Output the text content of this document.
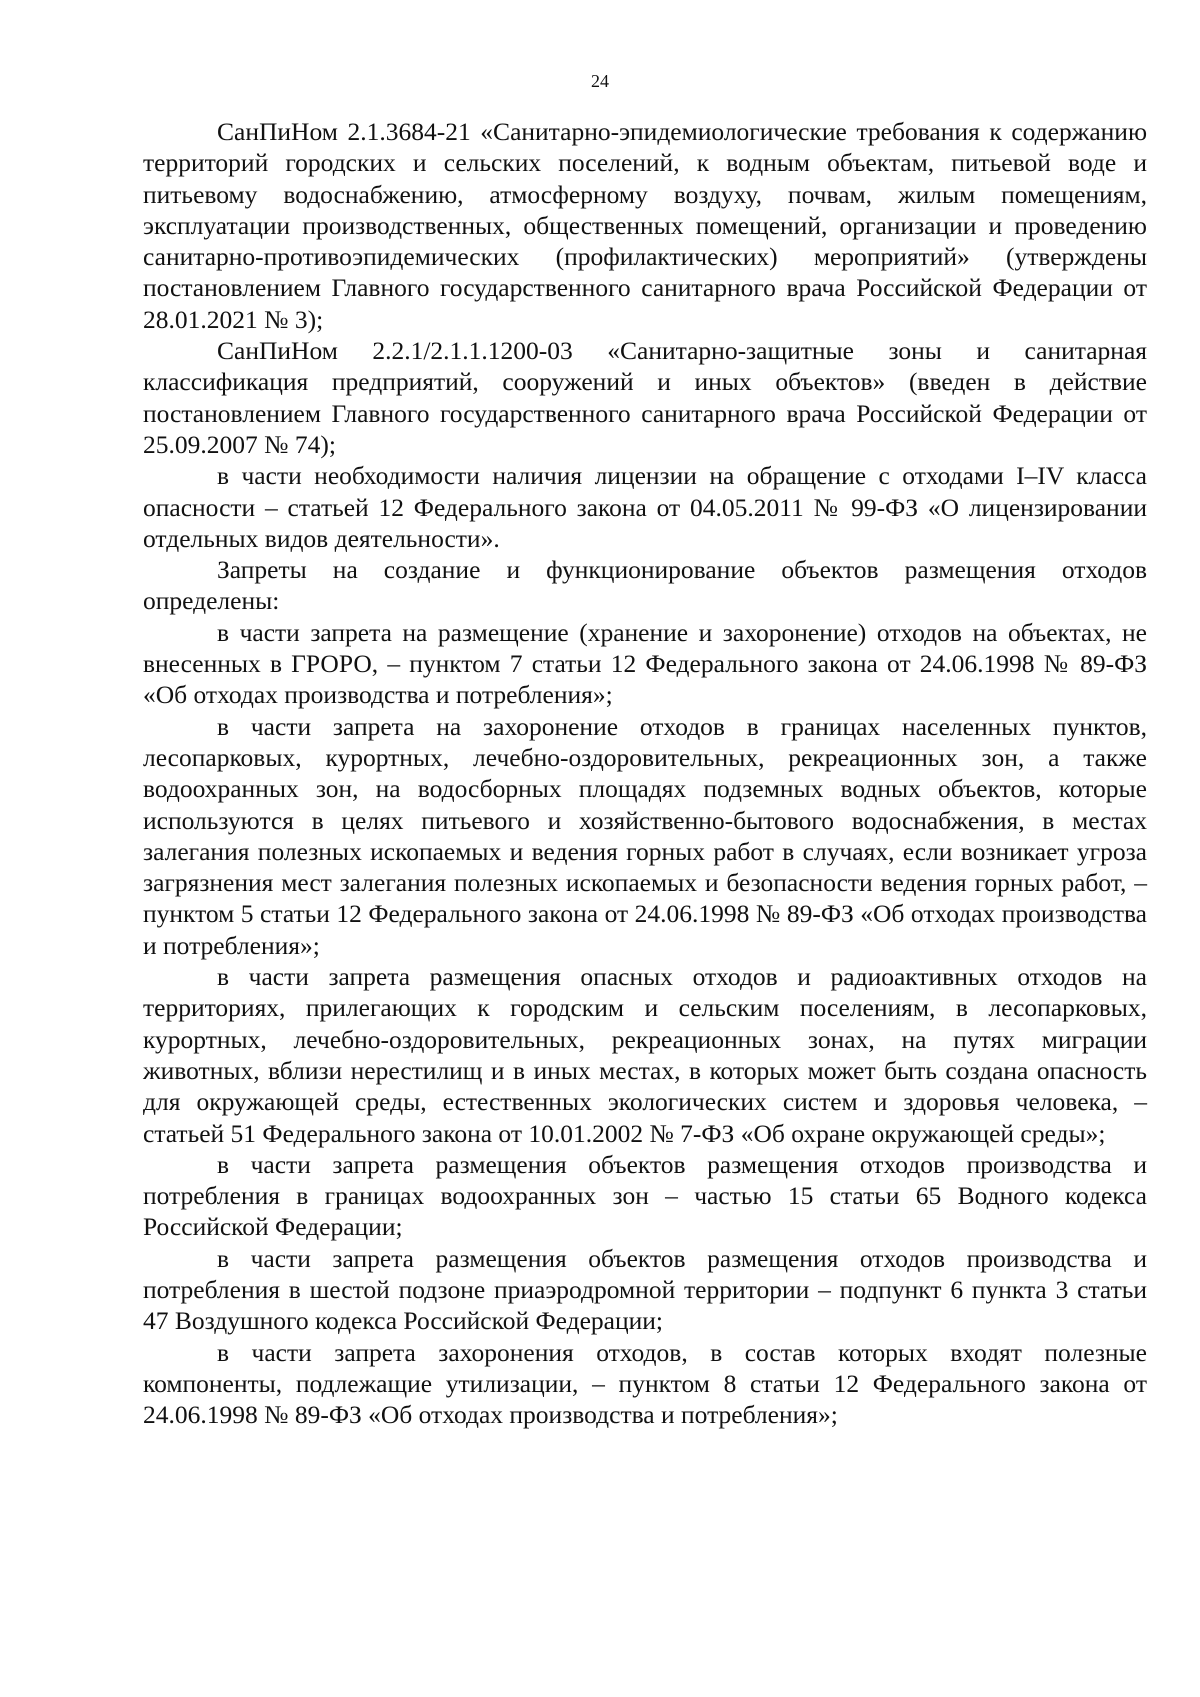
24

СанПиНом 2.1.3684-21 «Санитарно-эпидемиологические требования к содержанию территорий городских и сельских поселений, к водным объектам, питьевой воде и питьевому водоснабжению, атмосферному воздуху, почвам, жилым помещениям, эксплуатации производственных, общественных помещений, организации и проведению санитарно-противоэпидемических (профилактических) мероприятий» (утверждены постановлением Главного государственного санитарного врача Российской Федерации от 28.01.2021 № 3);

СанПиНом 2.2.1/2.1.1.1200-03 «Санитарно-защитные зоны и санитарная классификация предприятий, сооружений и иных объектов» (введен в действие постановлением Главного государственного санитарного врача Российской Федерации от 25.09.2007 № 74);

в части необходимости наличия лицензии на обращение с отходами I–IV класса опасности – статьей 12 Федерального закона от 04.05.2011 № 99-ФЗ «О лицензировании отдельных видов деятельности».

Запреты на создание и функционирование объектов размещения отходов определены:

в части запрета на размещение (хранение и захоронение) отходов на объектах, не внесенных в ГРОРО, – пунктом 7 статьи 12 Федерального закона от 24.06.1998 № 89-ФЗ «Об отходах производства и потребления»;

в части запрета на захоронение отходов в границах населенных пунктов, лесопарковых, курортных, лечебно-оздоровительных, рекреационных зон, а также водоохранных зон, на водосборных площадях подземных водных объектов, которые используются в целях питьевого и хозяйственно-бытового водоснабжения, в местах залегания полезных ископаемых и ведения горных работ в случаях, если возникает угроза загрязнения мест залегания полезных ископаемых и безопасности ведения горных работ, – пунктом 5 статьи 12 Федерального закона от 24.06.1998 № 89-ФЗ «Об отходах производства и потребления»;

в части запрета размещения опасных отходов и радиоактивных отходов на территориях, прилегающих к городским и сельским поселениям, в лесопарковых, курортных, лечебно-оздоровительных, рекреационных зонах, на путях миграции животных, вблизи нерестилищ и в иных местах, в которых может быть создана опасность для окружающей среды, естественных экологических систем и здоровья человека, – статьей 51 Федерального закона от 10.01.2002 № 7-ФЗ «Об охране окружающей среды»;

в части запрета размещения объектов размещения отходов производства и потребления в границах водоохранных зон – частью 15 статьи 65 Водного кодекса Российской Федерации;

в части запрета размещения объектов размещения отходов производства и потребления в шестой подзоне приаэродромной территории – подпункт 6 пункта 3 статьи 47 Воздушного кодекса Российской Федерации;

в части запрета захоронения отходов, в состав которых входят полезные компоненты, подлежащие утилизации, – пунктом 8 статьи 12 Федерального закона от 24.06.1998 № 89-ФЗ «Об отходах производства и потребления»;
